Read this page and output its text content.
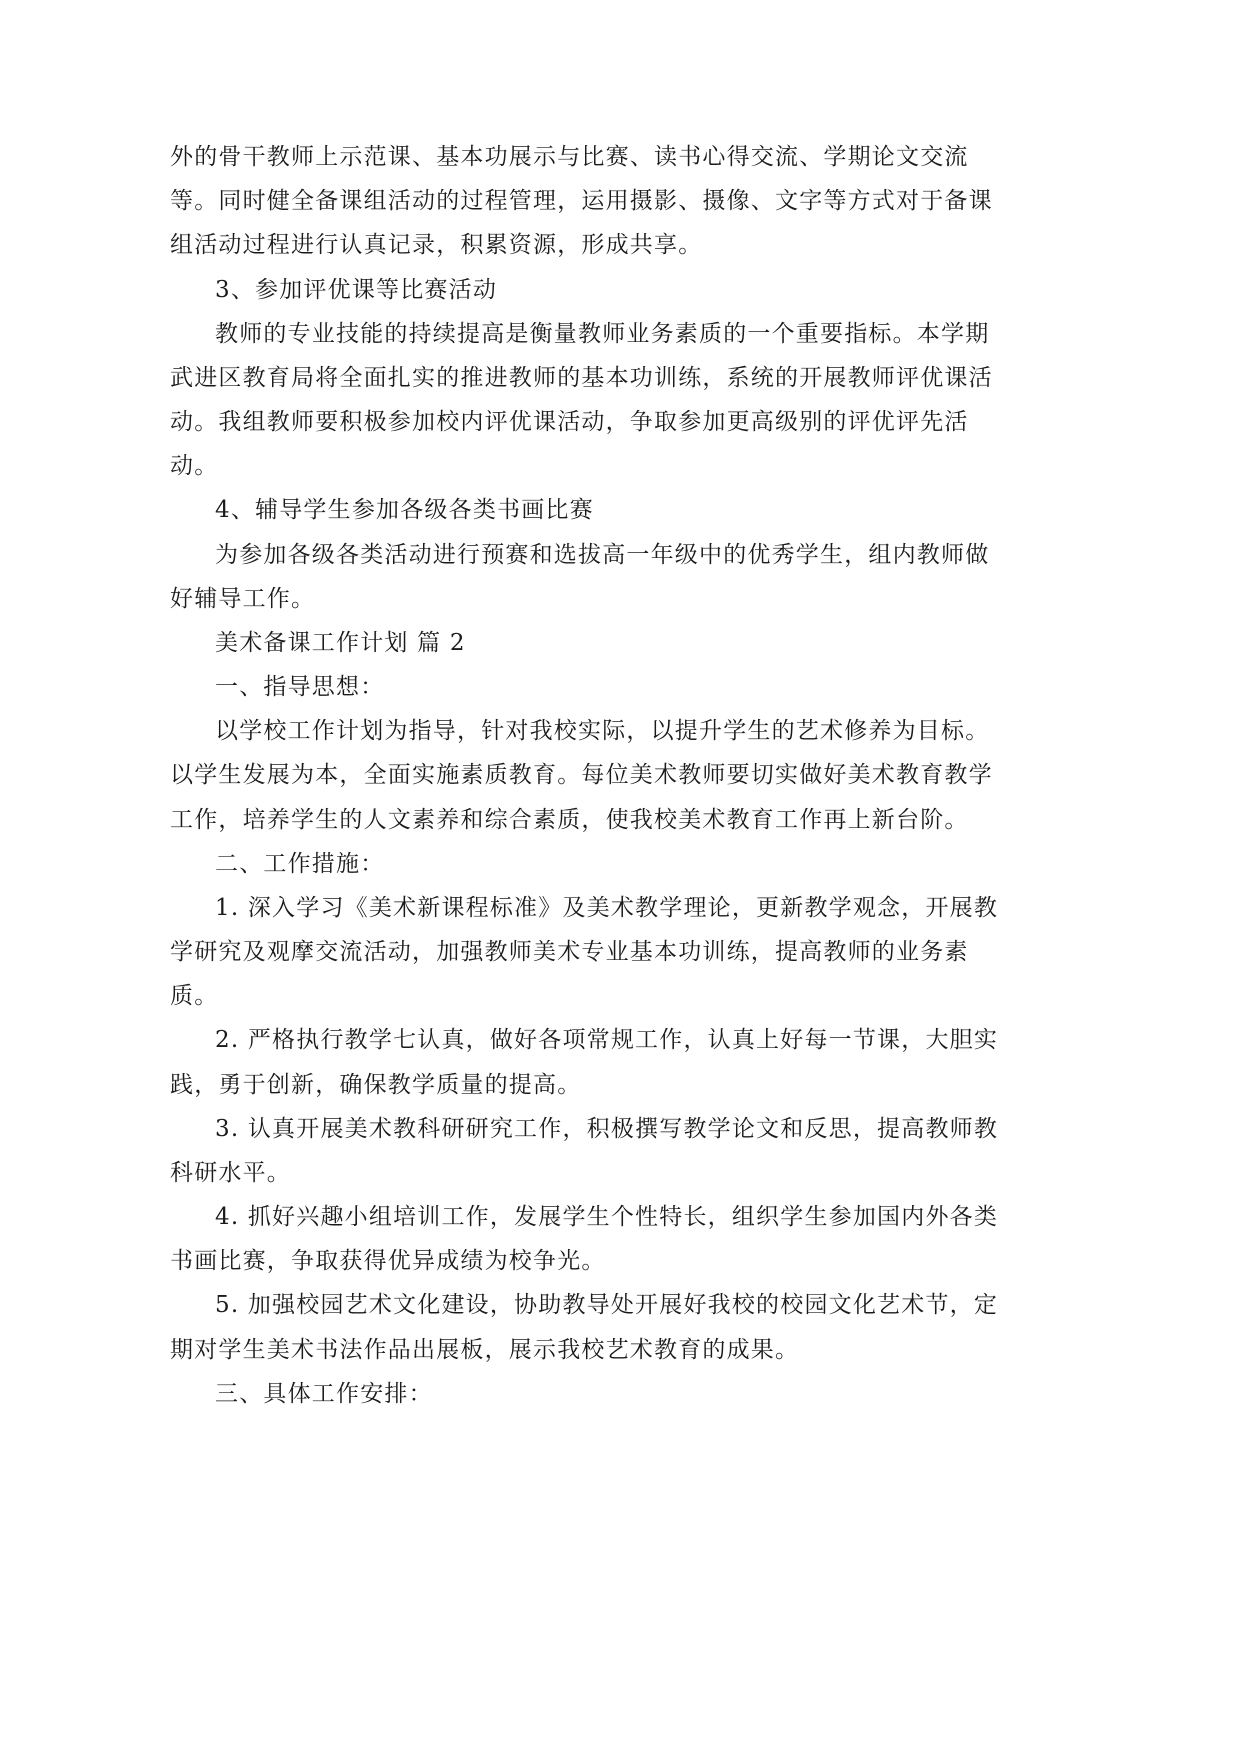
外的骨干教师上示范课、基本功展示与比赛、读书心得交流、学期论文交流
等。同时健全备课组活动的过程管理，运用摄影、摄像、文字等方式对于备课
组活动过程进行认真记录，积累资源，形成共享。
3、参加评优课等比赛活动
教师的专业技能的持续提高是衡量教师业务素质的一个重要指标。本学期
武进区教育局将全面扎实的推进教师的基本功训练，系统的开展教师评优课活
动。我组教师要积极参加校内评优课活动，争取参加更高级别的评优评先活
动。
4、辅导学生参加各级各类书画比赛
为参加各级各类活动进行预赛和选拔高一年级中的优秀学生，组内教师做
好辅导工作。
美术备课工作计划 篇 2
一、指导思想：
以学校工作计划为指导，针对我校实际，以提升学生的艺术修养为目标。
以学生发展为本，全面实施素质教育。每位美术教师要切实做好美术教育教学
工作，培养学生的人文素养和综合素质，使我校美术教育工作再上新台阶。
二、工作措施：
1. 深入学习《美术新课程标准》及美术教学理论，更新教学观念，开展教
学研究及观摩交流活动，加强教师美术专业基本功训练，提高教师的业务素
质。
2. 严格执行教学七认真，做好各项常规工作，认真上好每一节课，大胆实
践，勇于创新，确保教学质量的提高。
3. 认真开展美术教科研研究工作，积极撰写教学论文和反思，提高教师教
科研水平。
4. 抓好兴趣小组培训工作，发展学生个性特长，组织学生参加国内外各类
书画比赛，争取获得优异成绩为校争光。
5. 加强校园艺术文化建设，协助教导处开展好我校的校园文化艺术节，定
期对学生美术书法作品出展板，展示我校艺术教育的成果。
三、具体工作安排：
